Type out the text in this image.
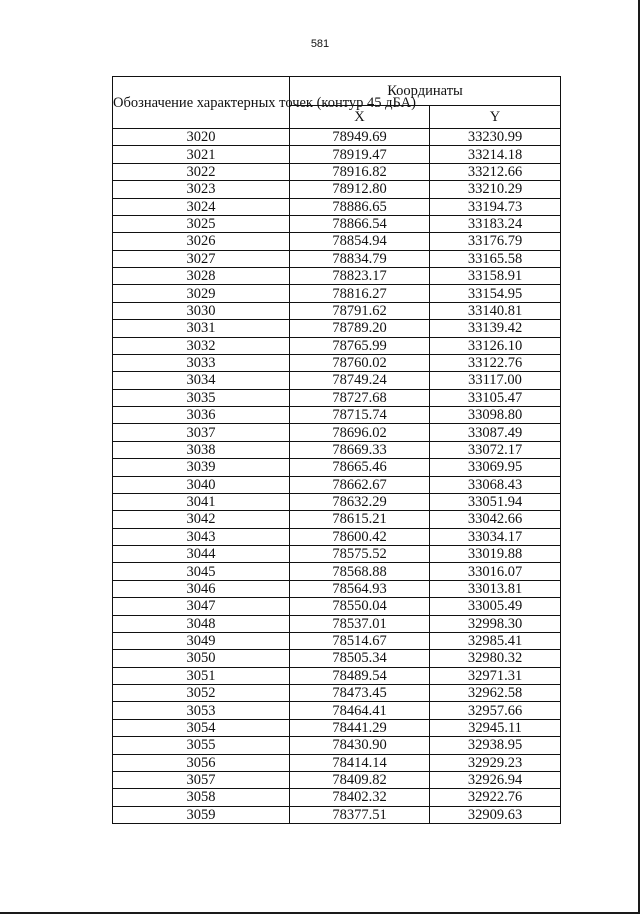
581
Обозначение характерных точек (контур 45 дБА)	Координаты	
	X	Y
3020	78949.69	33230.99
3021	78919.47	33214.18
3022	78916.82	33212.66
3023	78912.80	33210.29
3024	78886.65	33194.73
3025	78866.54	33183.24
3026	78854.94	33176.79
3027	78834.79	33165.58
3028	78823.17	33158.91
3029	78816.27	33154.95
3030	78791.62	33140.81
3031	78789.20	33139.42
3032	78765.99	33126.10
3033	78760.02	33122.76
3034	78749.24	33117.00
3035	78727.68	33105.47
3036	78715.74	33098.80
3037	78696.02	33087.49
3038	78669.33	33072.17
3039	78665.46	33069.95
3040	78662.67	33068.43
3041	78632.29	33051.94
3042	78615.21	33042.66
3043	78600.42	33034.17
3044	78575.52	33019.88
3045	78568.88	33016.07
3046	78564.93	33013.81
3047	78550.04	33005.49
3048	78537.01	32998.30
3049	78514.67	32985.41
3050	78505.34	32980.32
3051	78489.54	32971.31
3052	78473.45	32962.58
3053	78464.41	32957.66
3054	78441.29	32945.11
3055	78430.90	32938.95
3056	78414.14	32929.23
3057	78409.82	32926.94
3058	78402.32	32922.76
3059	78377.51	32909.63
